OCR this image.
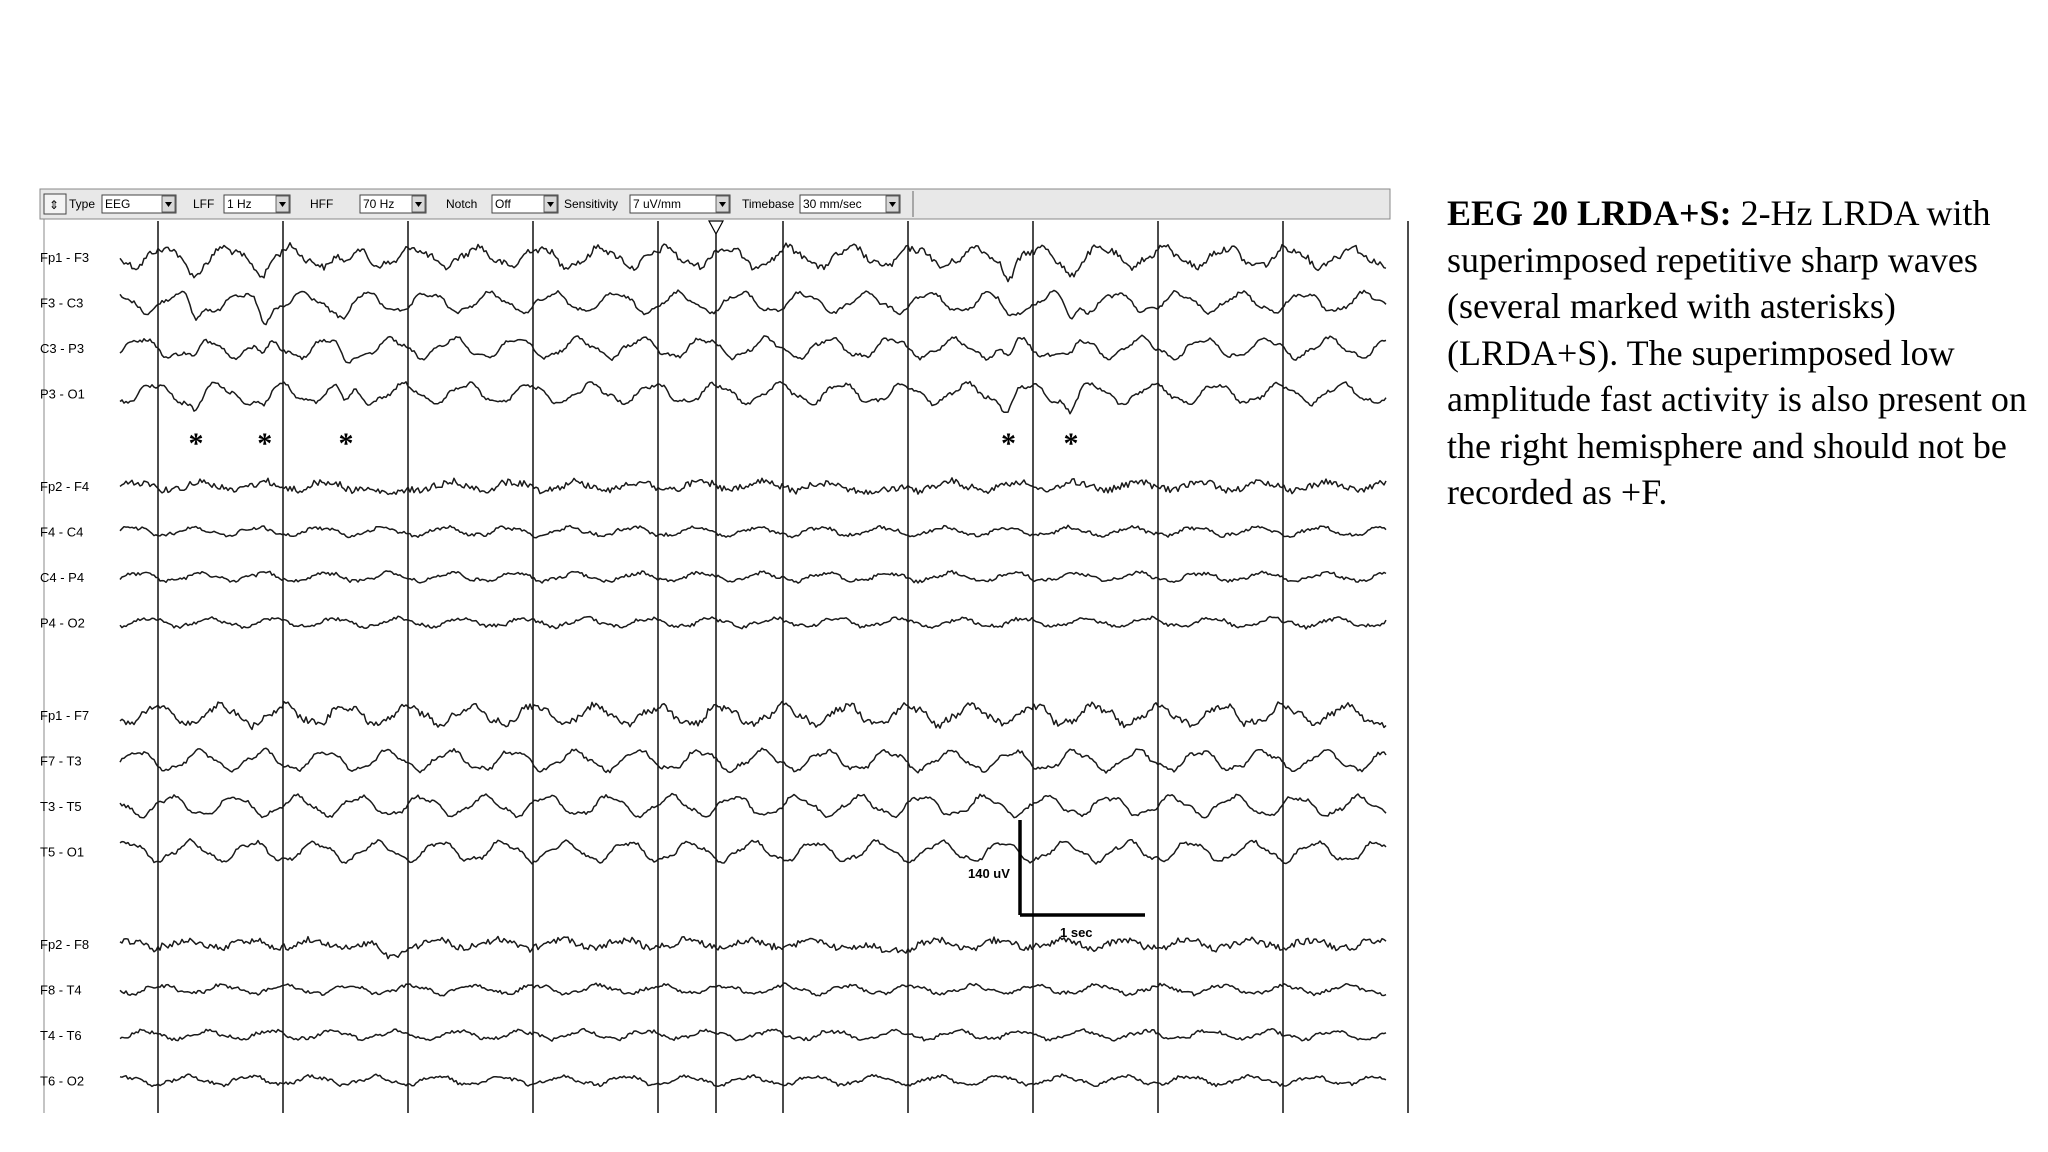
⇕ Type EEG	LFF 1 Hz	HFF 70 Hz	Notch Off	Sensitivity 7 uV/mm	Timebase 30 mm/sec
Fp1 - F3
F3 - C3
C3 - P3
P3 - O1
Fp2 - F4
F4 - C4
C4 - P4
P4 - O2
Fp1 - F7
F7 - T3
T3 - T5
T5 - O1
Fp2 - F8
F8 - T4
T4 - T6
T6 - O2
* * *	* *
140 uV
1 sec
EEG 20 LRDA+S: 2-Hz LRDA with superimposed repetitive sharp waves (several marked with asterisks) (LRDA+S). The superimposed low amplitude fast activity is also present on the right hemisphere and should not be recorded as +F.
